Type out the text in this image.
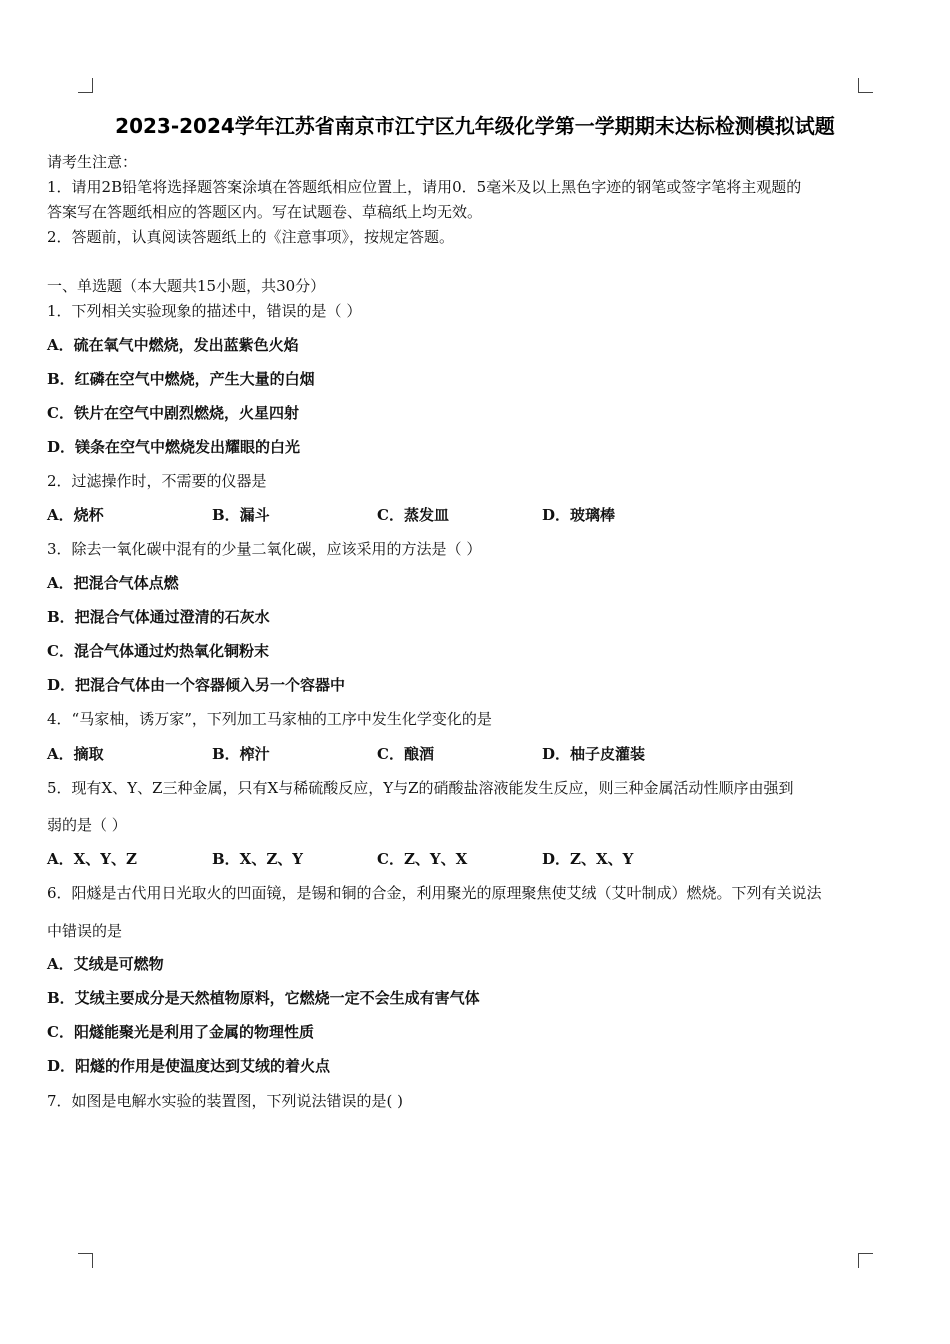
2023-2024学年江苏省南京市江宁区九年级化学第一学期期末达标检测模拟试题
请考生注意：
1．请用2B铅笔将选择题答案涂填在答题纸相应位置上，请用0．5毫米及以上黑色字迹的钢笔或签字笔将主观题的
答案写在答题纸相应的答题区内。写在试题卷、草稿纸上均无效。
2．答题前，认真阅读答题纸上的《注意事项》，按规定答题。
一、单选题（本大题共15小题，共30分）
1．下列相关实验现象的描述中，错误的是（ ）
A．硫在氧气中燃烧，发出蓝紫色火焰
B．红磷在空气中燃烧，产生大量的白烟
C．铁片在空气中剧烈燃烧，火星四射
D．镁条在空气中燃烧发出耀眼的白光
2．过滤操作时，不需要的仪器是
A．烧杯	B．漏斗	C．蒸发皿	D．玻璃棒
3．除去一氧化碳中混有的少量二氧化碳，应该采用的方法是（ ）
A．把混合气体点燃
B．把混合气体通过澄清的石灰水
C．混合气体通过灼热氧化铜粉末
D．把混合气体由一个容器倾入另一个容器中
4．“马家柚，诱万家”，下列加工马家柚的工序中发生化学变化的是
A．摘取	B．榨汁	C．酿酒	D．柚子皮灌装
5．现有X、Y、Z三种金属，只有X与稀硫酸反应，Y与Z的硝酸盐溶液能发生反应，则三种金属活动性顺序由强到
弱的是（ ）
A．X、Y、Z	B．X、Z、Y	C．Z、Y、X	D．Z、X、Y
6．阳燧是古代用日光取火的凹面镜，是锡和铜的合金，利用聚光的原理聚焦使艾绒（艾叶制成）燃烧。下列有关说法
中错误的是
A．艾绒是可燃物
B．艾绒主要成分是天然植物原料，它燃烧一定不会生成有害气体
C．阳燧能聚光是利用了金属的物理性质
D．阳燧的作用是使温度达到艾绒的着火点
7．如图是电解水实验的装置图，下列说法错误的是( )
